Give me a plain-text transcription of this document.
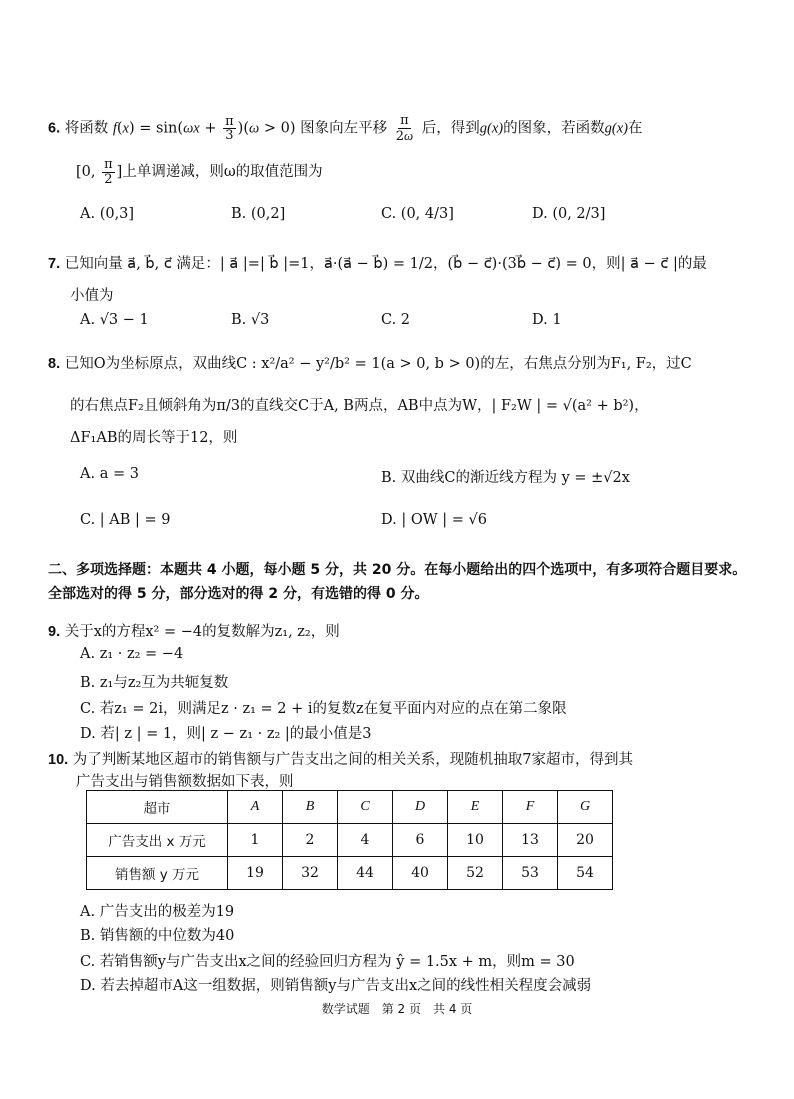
6. 将函数 $f(x) = \sin(\omega x + \frac{\pi}{3} )(\omega > 0)$ 图象向左平移 $\frac{\pi}{2\omega}$ 后，得到g(x)的图象，若函数g(x)在
[0, $\frac{\pi}{2}$ ]上单调递减，则ω的取值范围为
A. (0,3]	B. (0,2]	C. (0, 4/3]	D. (0, 2/3]
7. 已知向量 a⃗, b⃗, c⃗ 满足：| a⃗ |=| b⃗ |=1，a⃗·(a⃗ − b⃗) = 1/2，(b⃗ − c⃗)·(3b⃗ − c⃗) = 0，则| a⃗ − c⃗ |的最
小值为
A. √3 − 1	B. √3	C. 2	D. 1
8. 已知O为坐标原点，双曲线C : x²/a² − y²/b² = 1(a > 0, b > 0)的左，右焦点分别为F₁, F₂，过C
的右焦点F₂且倾斜角为π/3的直线交C于A, B两点，AB中点为W，| F₂W | = √(a² + b²)，
ΔF₁AB的周长等于12，则
A. a = 3	B. 双曲线C的渐近线方程为 y = ±√2x
C. | AB | = 9	D. | OW | = √6
二、多项选择题：本题共 4 小题，每小题 5 分，共 20 分。在每小题给出的四个选项中，有多项符合题目要求。全部选对的得 5 分，部分选对的得 2 分，有选错的得 0 分。
9. 关于x的方程x² = −4的复数解为z₁, z₂，则
A. z₁ · z₂ = −4
B. z₁与z₂互为共轭复数
C. 若z₁ = 2i，则满足z · z₁ = 2 + i的复数z在复平面内对应的点在第二象限
D. 若| z | = 1，则| z − z₁ · z₂ |的最小值是3
10. 为了判断某地区超市的销售额与广告支出之间的相关关系，现随机抽取7家超市，得到其
广告支出与销售额数据如下表，则
超市	A	B	C	D	E	F	G
广告支出 x 万元	1	2	4	6	10	13	20
销售额 y 万元	19	32	44	40	52	53	54
A. 广告支出的极差为19
B. 销售额的中位数为40
C. 若销售额y与广告支出x之间的经验回归方程为 ŷ = 1.5x + m，则m = 30
D. 若去掉超市A这一组数据，则销售额y与广告支出x之间的线性相关程度会减弱
数学试题　第 2 页　共 4 页
